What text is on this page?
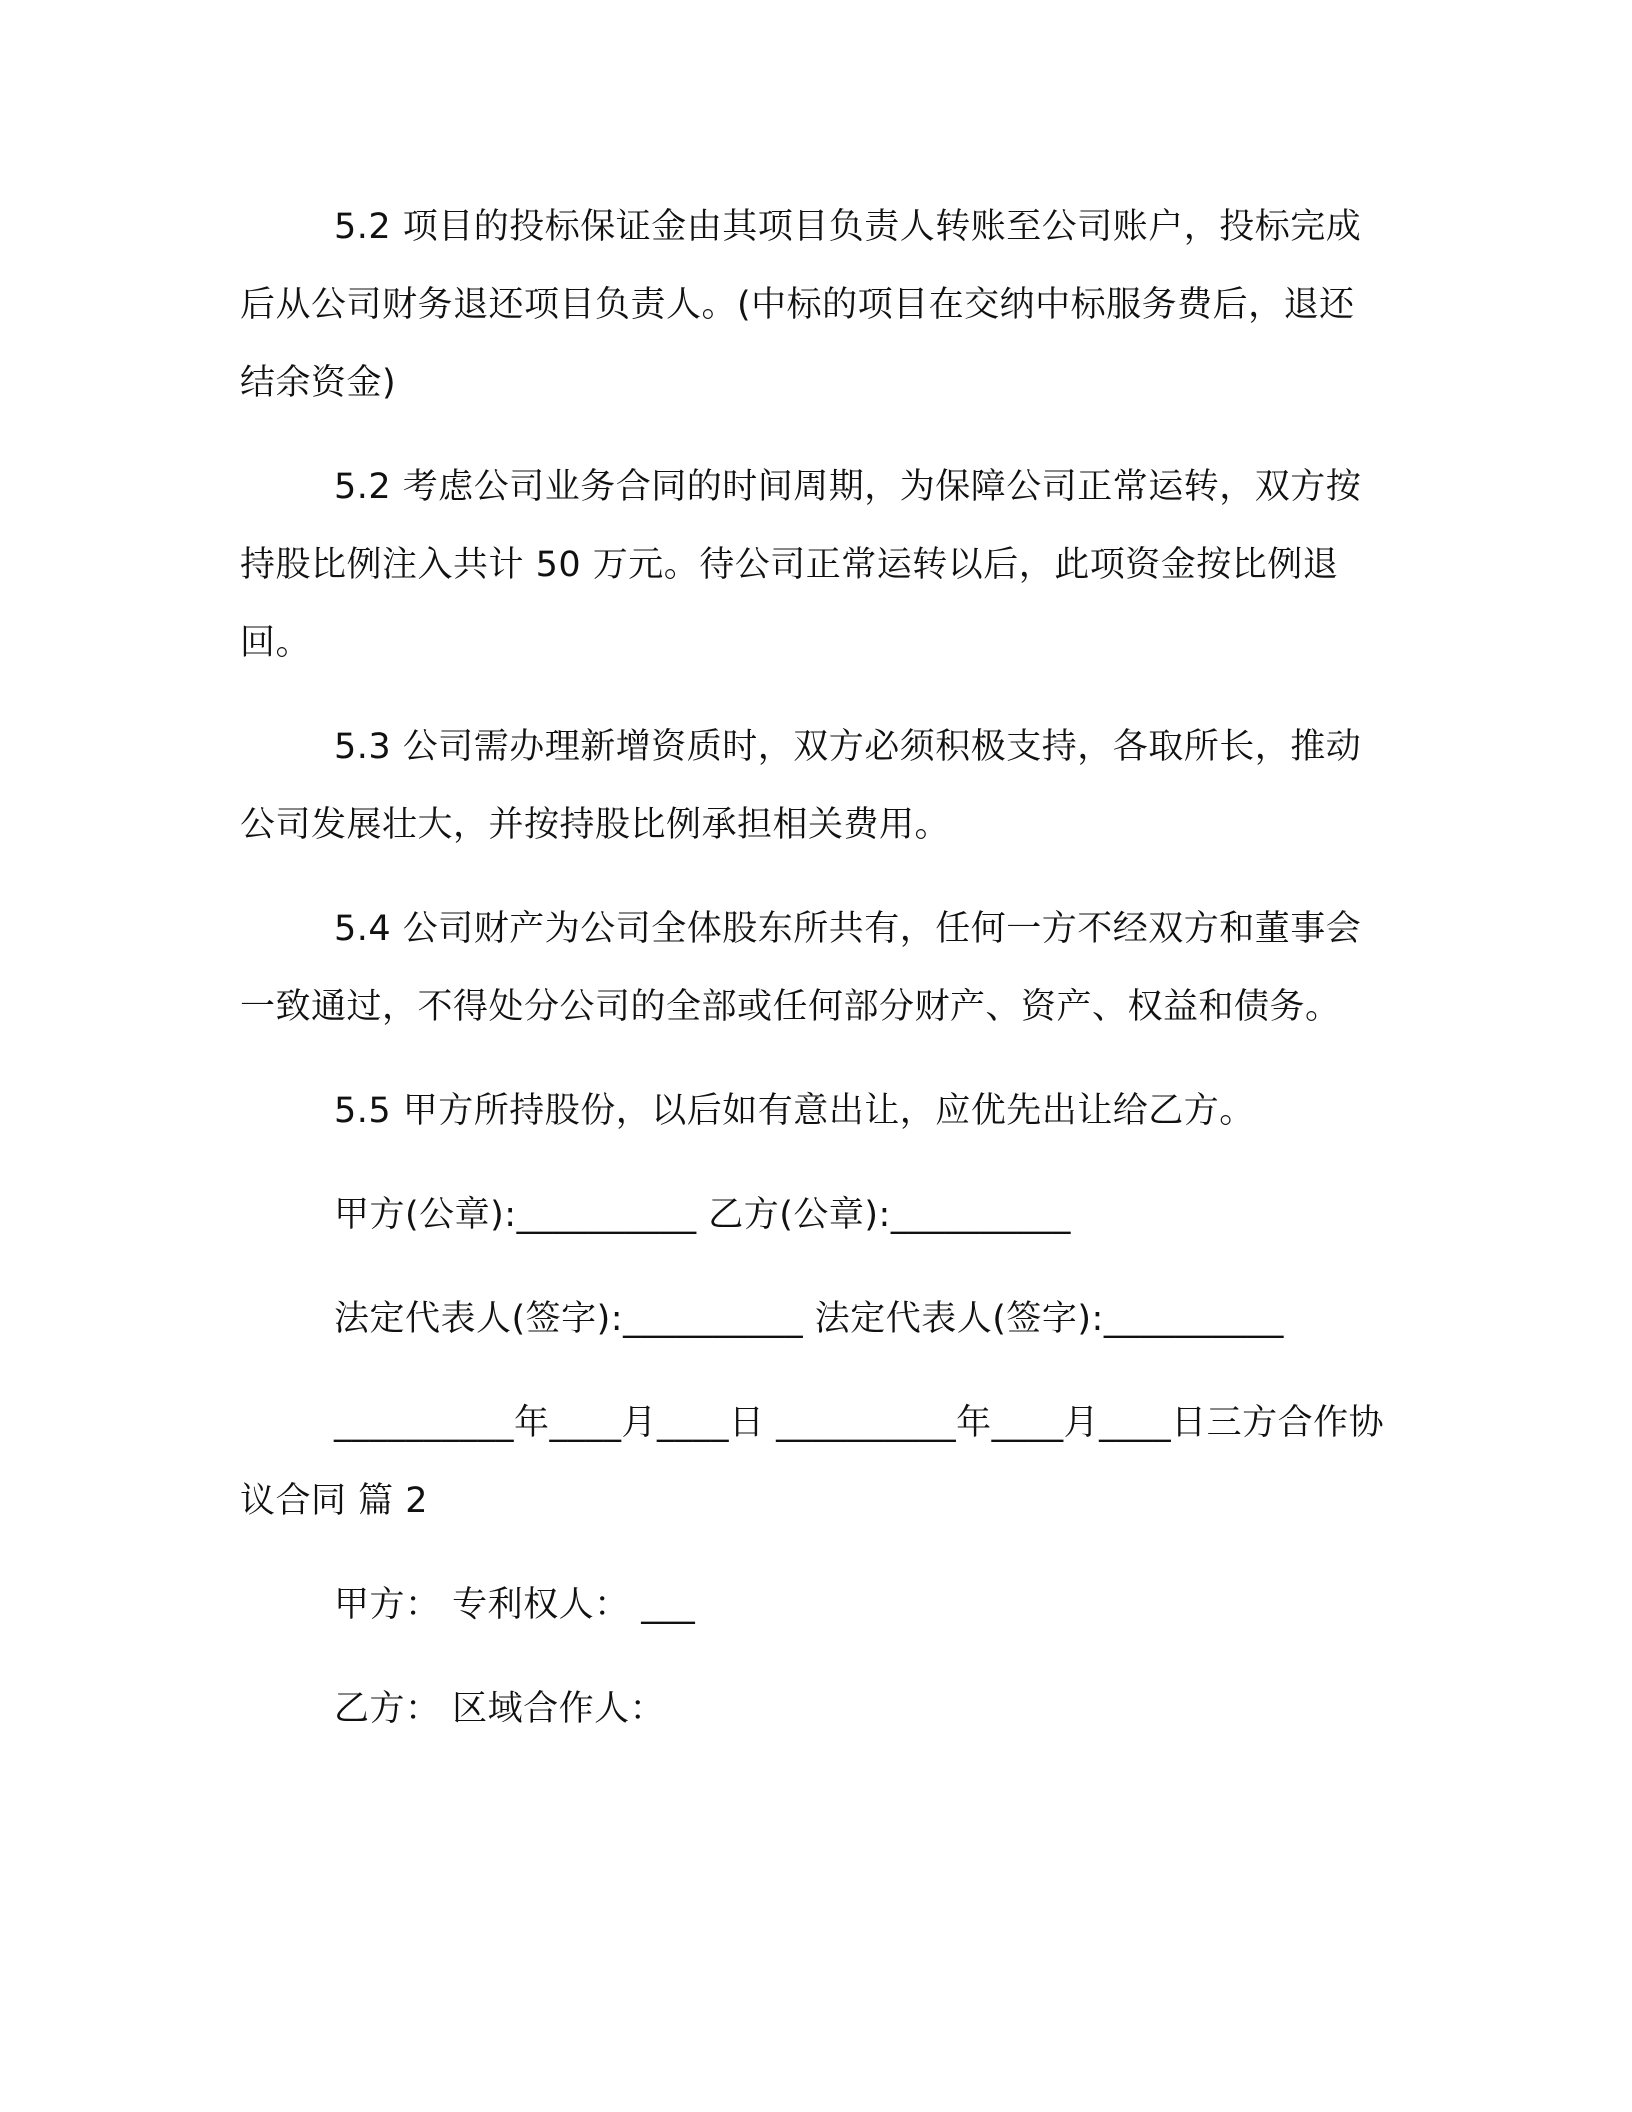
5.2 项目的投标保证金由其项目负责人转账至公司账户，投标完成后从公司财务退还项目负责人。(中标的项目在交纳中标服务费后，退还结余资金)

5.2 考虑公司业务合同的时间周期，为保障公司正常运转，双方按持股比例注入共计 50 万元。待公司正常运转以后，此项资金按比例退回。

5.3 公司需办理新增资质时，双方必须积极支持，各取所长，推动公司发展壮大，并按持股比例承担相关费用。

5.4 公司财产为公司全体股东所共有，任何一方不经双方和董事会一致通过，不得处分公司的全部或任何部分财产、资产、权益和债务。

5.5 甲方所持股份，以后如有意出让，应优先出让给乙方。

甲方(公章):__________ 乙方(公章):__________

法定代表人(签字):__________ 法定代表人(签字):__________

__________年____月____日 __________年____月____日三方合作协议合同 篇 2

甲方： 专利权人： ___

乙方： 区域合作人：
